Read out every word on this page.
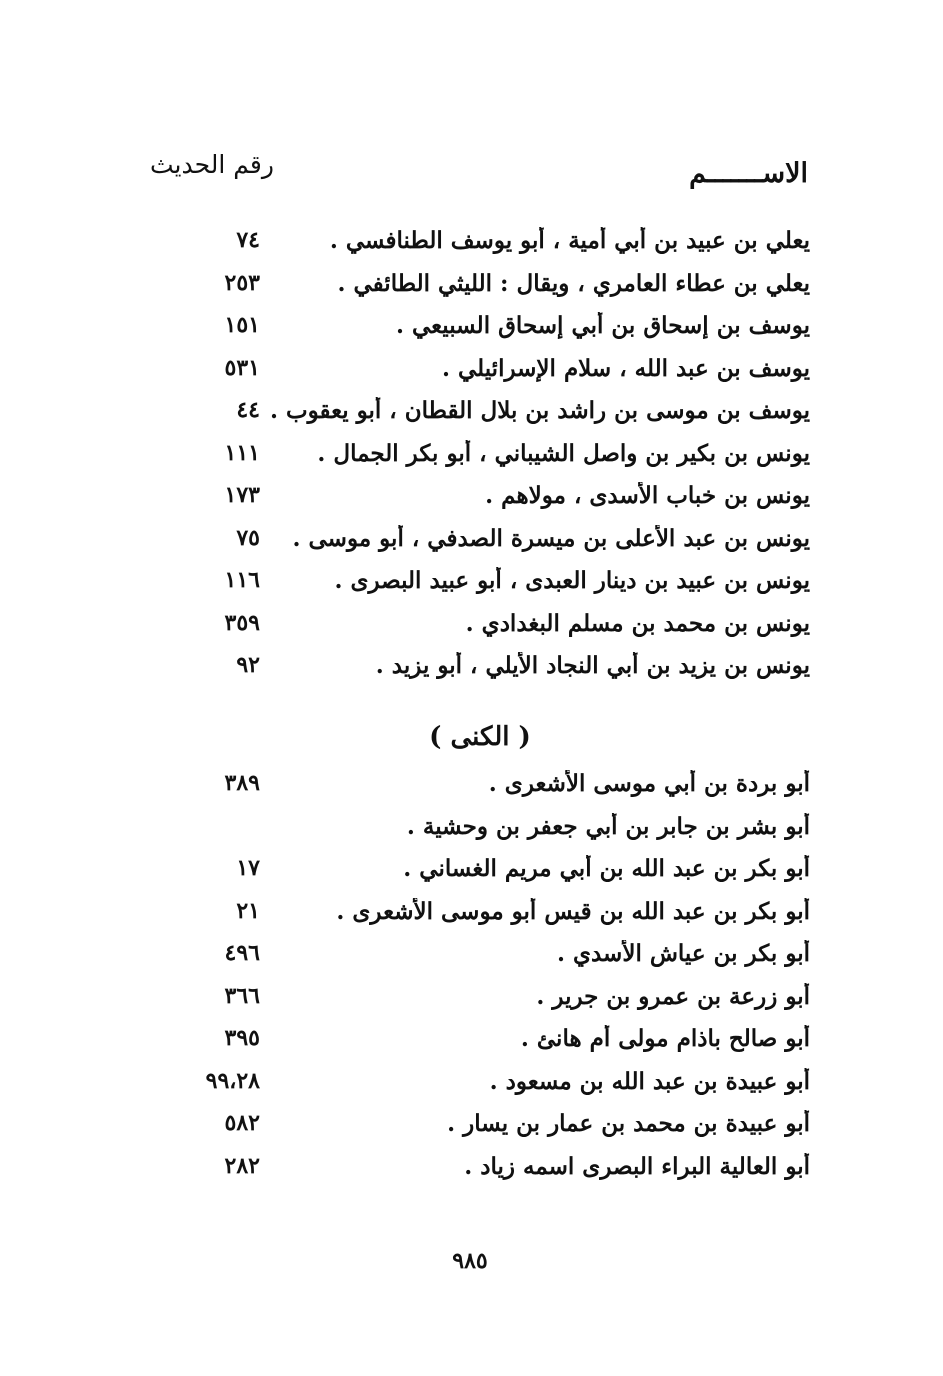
الاســـــــم
رقم الحديث
يعلي بن عبيد بن أبي أمية ، أبو يوسف الطنافسي .
٧٤
يعلي بن عطاء العامري ، ويقال : الليثي الطائفي .
٢٥٣
يوسف بن إسحاق بن أبي إسحاق السبيعي .
١٥١
يوسف بن عبد الله ، سلام الإسرائيلي .
٥٣١
يوسف بن موسى بن راشد بن بلال القطان ، أبو يعقوب .
٤٤
يونس بن بكير بن واصل الشيباني ، أبو بكر الجمال .
١١١
يونس بن خباب الأسدى ، مولاهم .
١٧٣
يونس بن عبد الأعلى بن ميسرة الصدفي ، أبو موسى .
٧٥
يونس بن عبيد بن دينار العبدى ، أبو عبيد البصرى .
١١٦
يونس بن محمد بن مسلم البغدادي .
٣٥٩
يونس بن يزيد بن أبي النجاد الأيلي ، أبو يزيد .
٩٢
( الكنى )
أبو بردة بن أبي موسى الأشعرى .
٣٨٩
أبو بشر بن جابر بن أبي جعفر بن وحشية .
أبو بكر بن عبد الله بن أبي مريم الغساني .
١٧
أبو بكر بن عبد الله بن قيس أبو موسى الأشعرى .
٢١
أبو بكر بن عياش الأسدي .
٤٩٦
أبو زرعة بن عمرو بن جرير .
٣٦٦
أبو صالح باذام مولى أم هانئ .
٣٩٥
أبو عبيدة بن عبد الله بن مسعود .
٩٩،٢٨
أبو عبيدة بن محمد بن عمار بن يسار .
٥٨٢
أبو العالية البراء البصرى اسمه زياد .
٢٨٢
٩٨٥
